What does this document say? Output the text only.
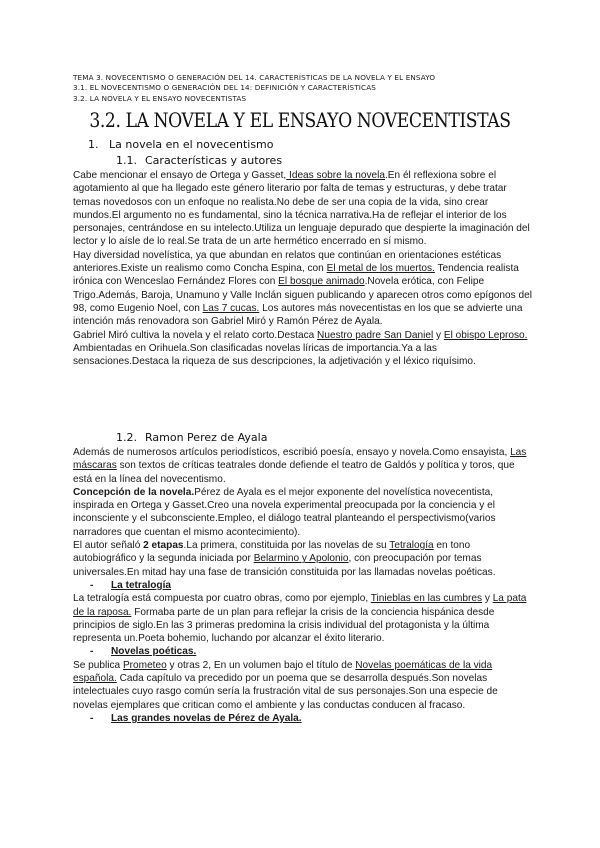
TEMA 3. NOVECENTISMO O GENERACIÓN DEL 14. CARACTERÍSTICAS DE LA NOVELA Y EL ENSAYO
3.1. EL NOVECENTISMO O GENERACIÓN DEL 14: DEFINICIÓN Y CARACTERÍSTICAS
3.2. LA NOVELA Y EL ENSAYO NOVECENTISTAS
3.2. LA NOVELA Y EL ENSAYO NOVECENTISTAS
1. La novela en el novecentismo
1.1. Características y autores

Cabe mencionar el ensayo de Ortega y Gasset, Ideas sobre la novela.En él reflexiona sobre el agotamiento al que ha llegado este género literario por falta de temas y estructuras, y debe tratar temas novedosos con un enfoque no realista.No debe de ser una copia de la vida, sino crear mundos.El argumento no es fundamental, sino la técnica narrativa.Ha de reflejar el interior de los personajes, centrándose en su intelecto.Utiliza un lenguaje depurado que despierte la imaginación del lector y lo aísle de lo real.Se trata de un arte hermético encerrado en sí mismo.

Hay diversidad novelística, ya que abundan en relatos que continúan en orientaciones estéticas anteriores.Existe un realismo como Concha Espina, con El metal de los muertos. Tendencia realista irónica con Wenceslao Fernández Flores con El bosque animado.Novela erótica, con Felipe Trigo.Además, Baroja, Unamuno y Valle Inclán siguen publicando y aparecen otros como epígonos del 98, como Eugenio Noel, con Las 7 cucas. Los autores más novecentistas en los que se advierte una intención más renovadora son Gabriel Miró y Ramón Pérez de Ayala.

Gabriel Miró cultiva la novela y el relato corto.Destaca Nuestro padre San Daniel y El obispo Leproso. Ambientadas en Orihuela.Son clasificadas novelas líricas de importancia.Ya a las sensaciones.Destaca la riqueza de sus descripciones, la adjetivación y el léxico riquísimo.

1.2. Ramon Perez de Ayala

Además de numerosos artículos periodísticos, escribió poesía, ensayo y novela.Como ensayista, Las máscaras son textos de críticas teatrales donde defiende el teatro de Galdós y política y toros, que está en la línea del novecentismo.

Concepción de la novela.Pérez de Ayala es el mejor exponente del novelística novecentista, inspirada en Ortega y Gasset.Creo una novela experimental preocupada por la conciencia y el inconsciente y el subconsciente.Empleo, el diálogo teatral planteando el perspectivismo(varios narradores que cuentan el mismo acontecimiento).

El autor señaló 2 etapas.La primera, constituida por las novelas de su Tetralogía en tono autobiográfico y la segunda iniciada por Belarmino y Apolonio, con preocupación por temas universales.En mitad hay una fase de transición constituida por las llamadas novelas poéticas.

- La tetralogía

La tetralogía está compuesta por cuatro obras, como por ejemplo, Tinieblas en las cumbres y La pata de la raposa. Formaba parte de un plan para reflejar la crisis de la conciencia hispánica desde principios de siglo.En las 3 primeras predomina la crisis individual del protagonista y la última representa un.Poeta bohemio, luchando por alcanzar el éxito literario.

- Novelas poéticas.

Se publica Prometeo y otras 2, En un volumen bajo el título de Novelas poemáticas de la vida española. Cada capítulo va precedido por un poema que se desarrolla después.Son novelas intelectuales cuyo rasgo común sería la frustración vital de sus personajes.Son una especie de novelas ejemplares que critican como el ambiente y las conductas conducen al fracaso.

- Las grandes novelas de Pérez de Ayala.
